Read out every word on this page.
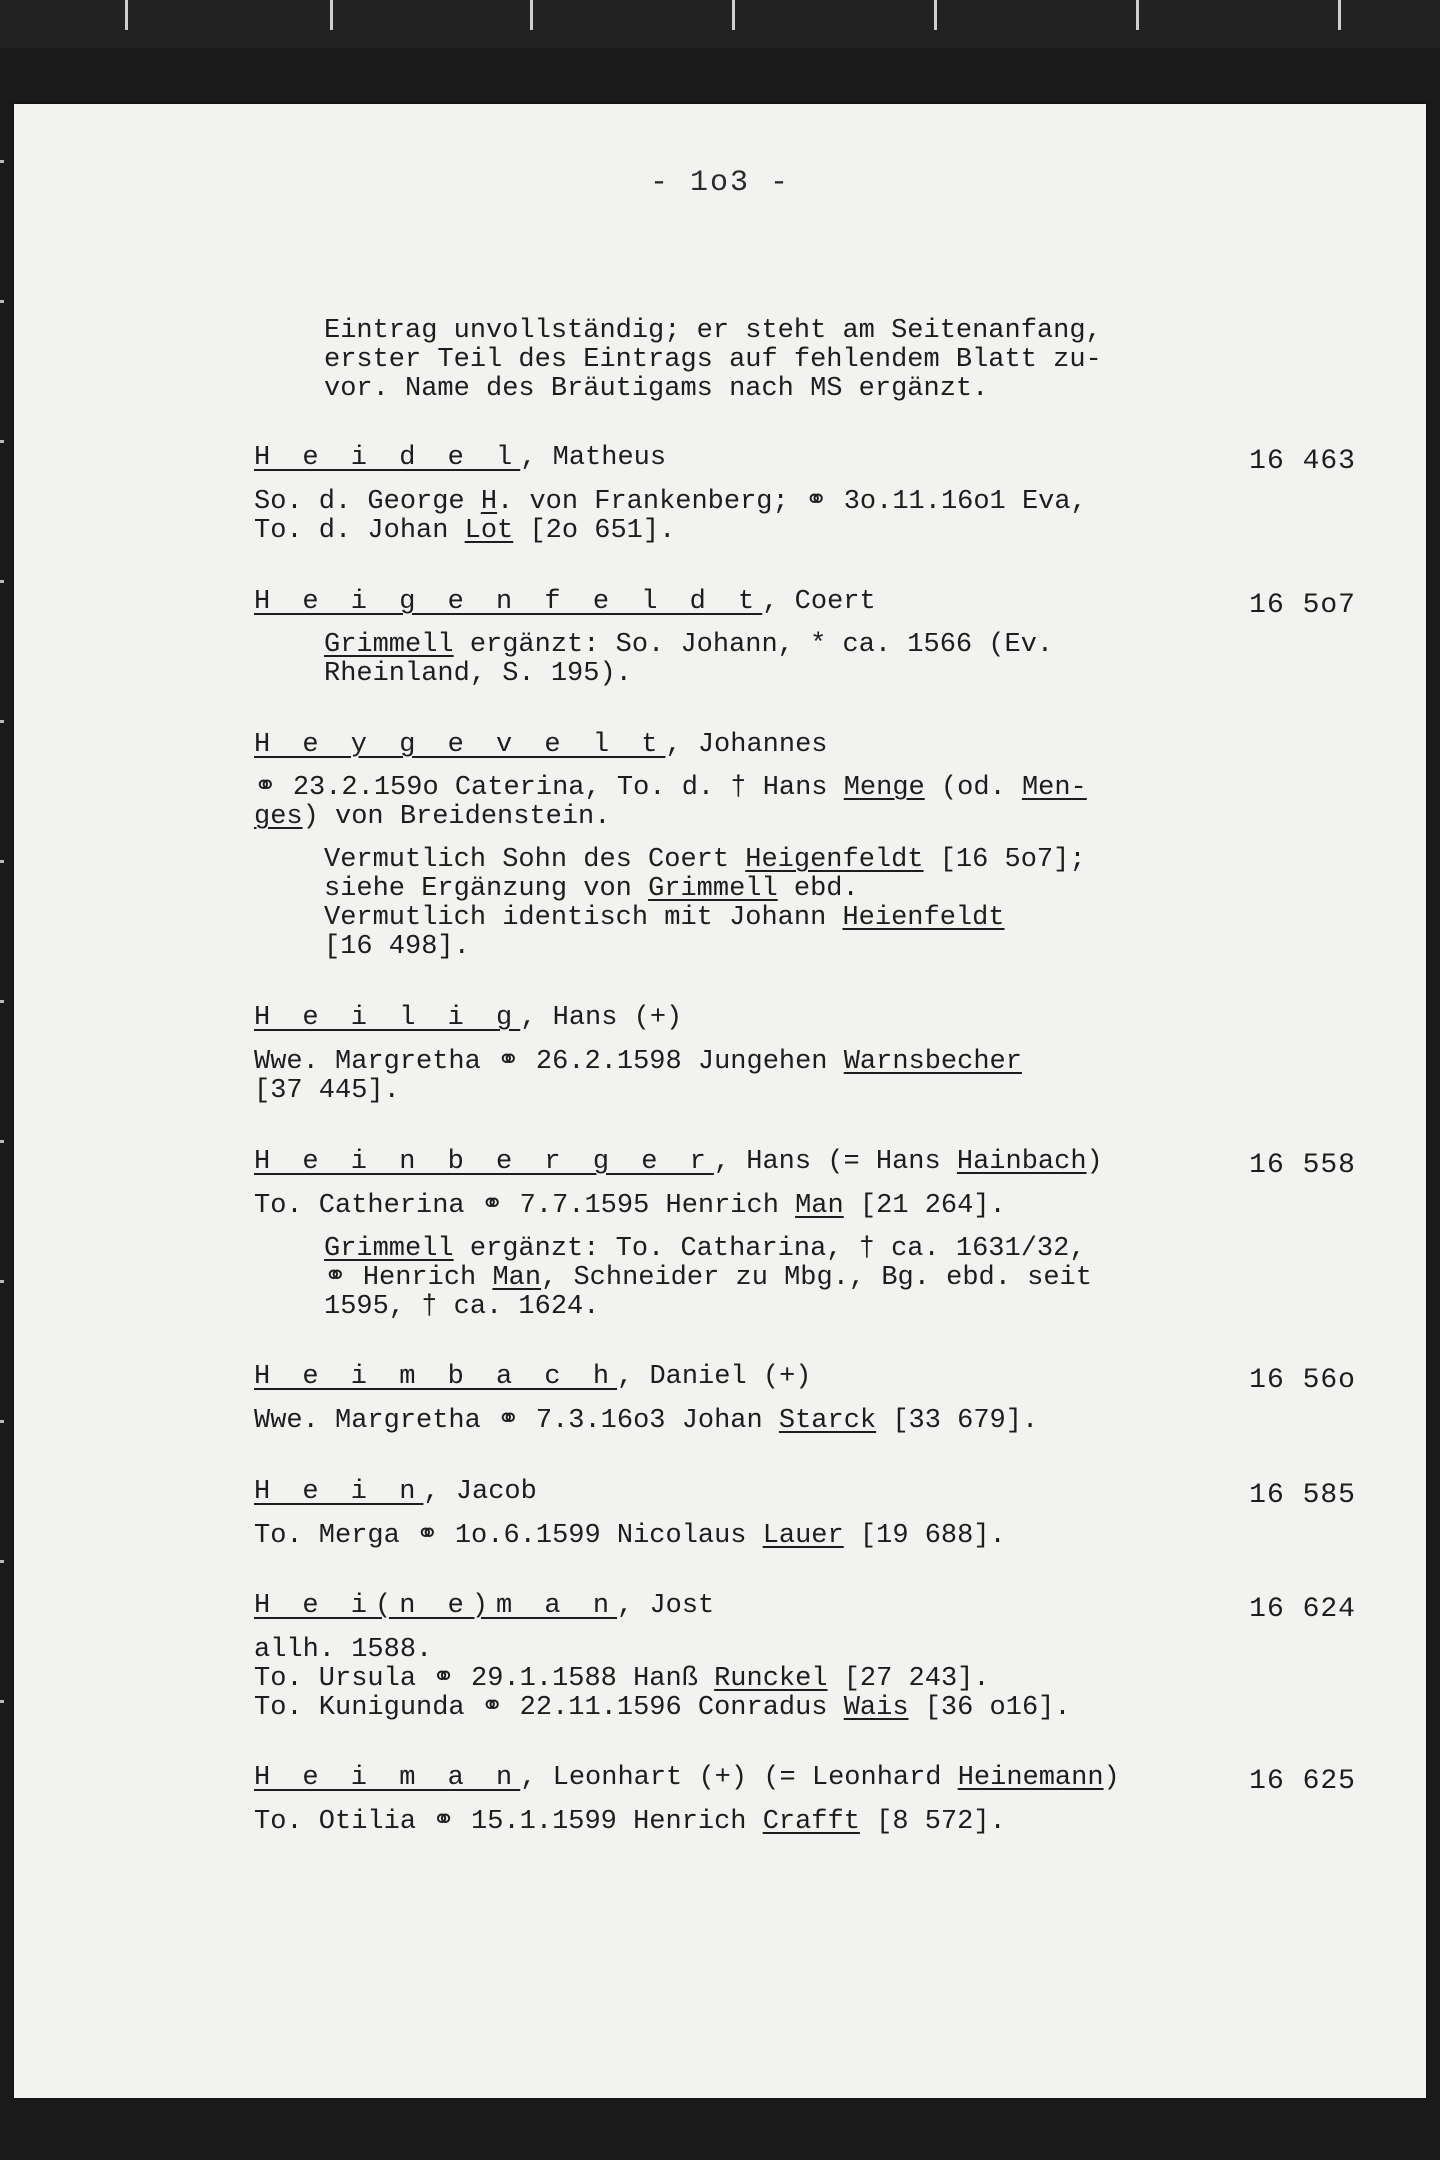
- 1o3 -
Eintrag unvollständig; er steht am Seitenanfang,
erster Teil des Eintrags auf fehlendem Blatt zu-
vor. Name des Bräutigams nach MS ergänzt.
H e i d e l, Matheus	16 463
So. d. George H. von Frankenberg; ⚭ 3o.11.16o1 Eva,
To. d. Johan Lot [2o 651].
H e i g e n f e l d t, Coert	16 5o7
Grimmell ergänzt: So. Johann, * ca. 1566 (Ev.
Rheinland, S. 195).
H e y g e v e l t, Johannes
⚭ 23.2.159o Caterina, To. d. † Hans Menge (od. Men-
ges) von Breidenstein.
Vermutlich Sohn des Coert Heigenfeldt [16 5o7];
siehe Ergänzung von Grimmell ebd.
Vermutlich identisch mit Johann Heienfeldt
[16 498].
H e i l i g, Hans (+)
Wwe. Margretha ⚭ 26.2.1598 Jungehen Warnsbecher
[37 445].
H e i n b e r g e r, Hans (= Hans Hainbach)	16 558
To. Catherina ⚭ 7.7.1595 Henrich Man [21 264].
Grimmell ergänzt: To. Catharina, † ca. 1631/32,
⚭ Henrich Man, Schneider zu Mbg., Bg. ebd. seit
1595, † ca. 1624.
H e i m b a c h, Daniel (+)	16 56o
Wwe. Margretha ⚭ 7.3.16o3 Johan Starck [33 679].
H e i n, Jacob	16 585
To. Merga ⚭ 1o.6.1599 Nicolaus Lauer [19 688].
H e i(n e)m a n, Jost	16 624
allh. 1588.
To. Ursula ⚭ 29.1.1588 Hanß Runckel [27 243].
To. Kunigunda ⚭ 22.11.1596 Conradus Wais [36 o16].
H e i m a n, Leonhart (+) (= Leonhard Heinemann)	16 625
To. Otilia ⚭ 15.1.1599 Henrich Crafft [8 572].
